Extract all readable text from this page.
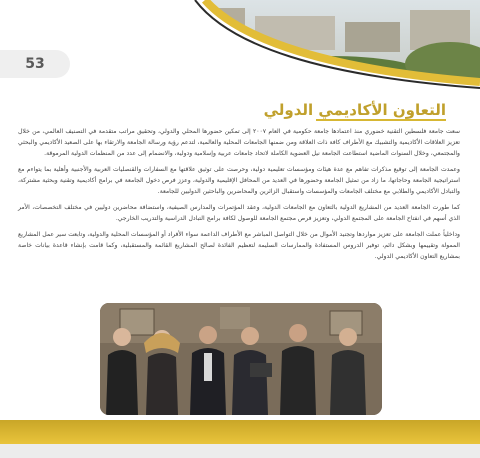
53
التعاون الأكاديمي الدولي

سعت جامعة فلسطين التقنية خضوري منذ اعتمادها جامعة حكومية في العام ٢٠٠٧ إلى تمكين حضورها المحلي والدولي، وتحقيق مراتب متقدمة في التصنيف العالمي، من خلال تعزيز العلاقات الأكاديمية والتشبيك مع الأطراف كافة ذات العلاقة ومن ضمنها الجامعات المحلية والعالمية، لتدعم رؤية ورسالة الجامعة والارتقاء بها على الصعيد الأكاديمي والبحثي والمجتمعي، وخلال السنوات الماضية استطاعت الجامعة نيل العضوية الكاملة لاتحاد جامعات عربية وإسلامية ودولية، والانضمام إلى عدد من المنظمات الدولية المرموقة.

وعمدت الجامعة إلى توقيع مذكرات تفاهم مع عدة هيئات ومؤسسات تعليمية دولية، وحرصت على توثيق علاقتها مع السفارات والقنصليات العربية والأجنبية وأهلية بما يتواءم مع استراتيجية الجامعة وحاجاتها، ما زاد من تمثيل الجامعة وحضورها في العديد من المحافل الإقليمية والدولية، وعزز فرص دخول الجامعة في برامج أكاديمية وتقنية وبحثية مشتركة، والتبادل الأكاديمي والطلابي مع مختلف الجامعات والمؤسسات واستقبال الزائرين والمحاضرين والباحثين الدوليين للجامعة.

كما طورت الجامعة العديد من المشاريع الدولية بالتعاون مع الجامعات الدولية، وعقد المؤتمرات والمدارس الصيفية، واستضافة محاضرين دوليين في مختلف التخصصات، الأمر الذي أسهم في انفتاح الجامعة على المجتمع الدولي، وتعزيز فرص مجتمع الجامعة للوصول لكافة برامج التبادل الدراسية والتدريب الخارجي.

وداخلياً عملت الجامعة على تعزيز مواردها وتجنيد الأموال من خلال التواصل المباشر مع الأطراف الداعمة سواء الأفراد أو المؤسسات المحلية والدولية، وتابعت سير عمل المشاريع الممولة وتقييمها وبشكل دائم، توفير الدروس المستفادة والممارسات السليمة لتعظيم الفائدة لصالح المشاريع القائمة والمستقبلية، وكما قامت بإنشاء قاعدة بيانات خاصة بمشاريع التعاون الأكاديمي الدولي.
